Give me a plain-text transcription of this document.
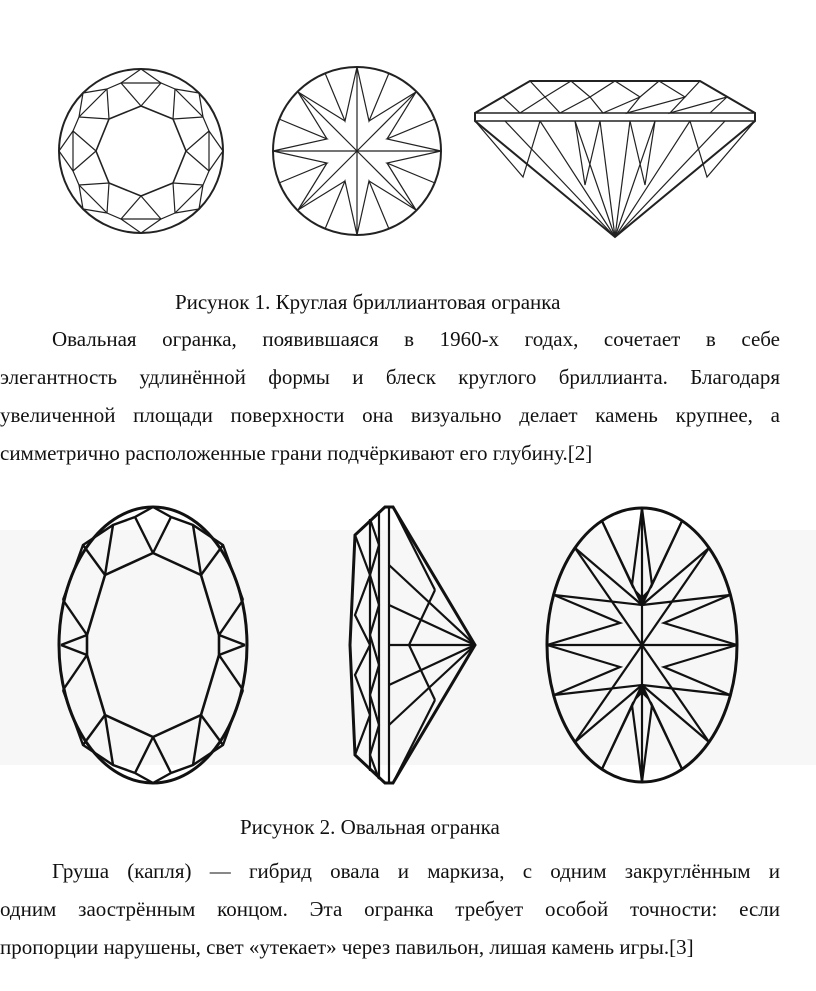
Рисунок 1. Круглая бриллиантовая огранка
Овальная огранка, появившаяся в 1960-х годах, сочетает в себе
элегантность удлинённой формы и блеск круглого бриллианта. Благодаря
увеличенной площади поверхности она визуально делает камень крупнее, а
симметрично расположенные грани подчёркивают его глубину.[2]
Рисунок 2. Овальная огранка
Груша (капля) — гибрид овала и маркиза, с одним закруглённым и
одним заострённым концом. Эта огранка требует особой точности: если
пропорции нарушены, свет «утекает» через павильон, лишая камень игры.[3]
